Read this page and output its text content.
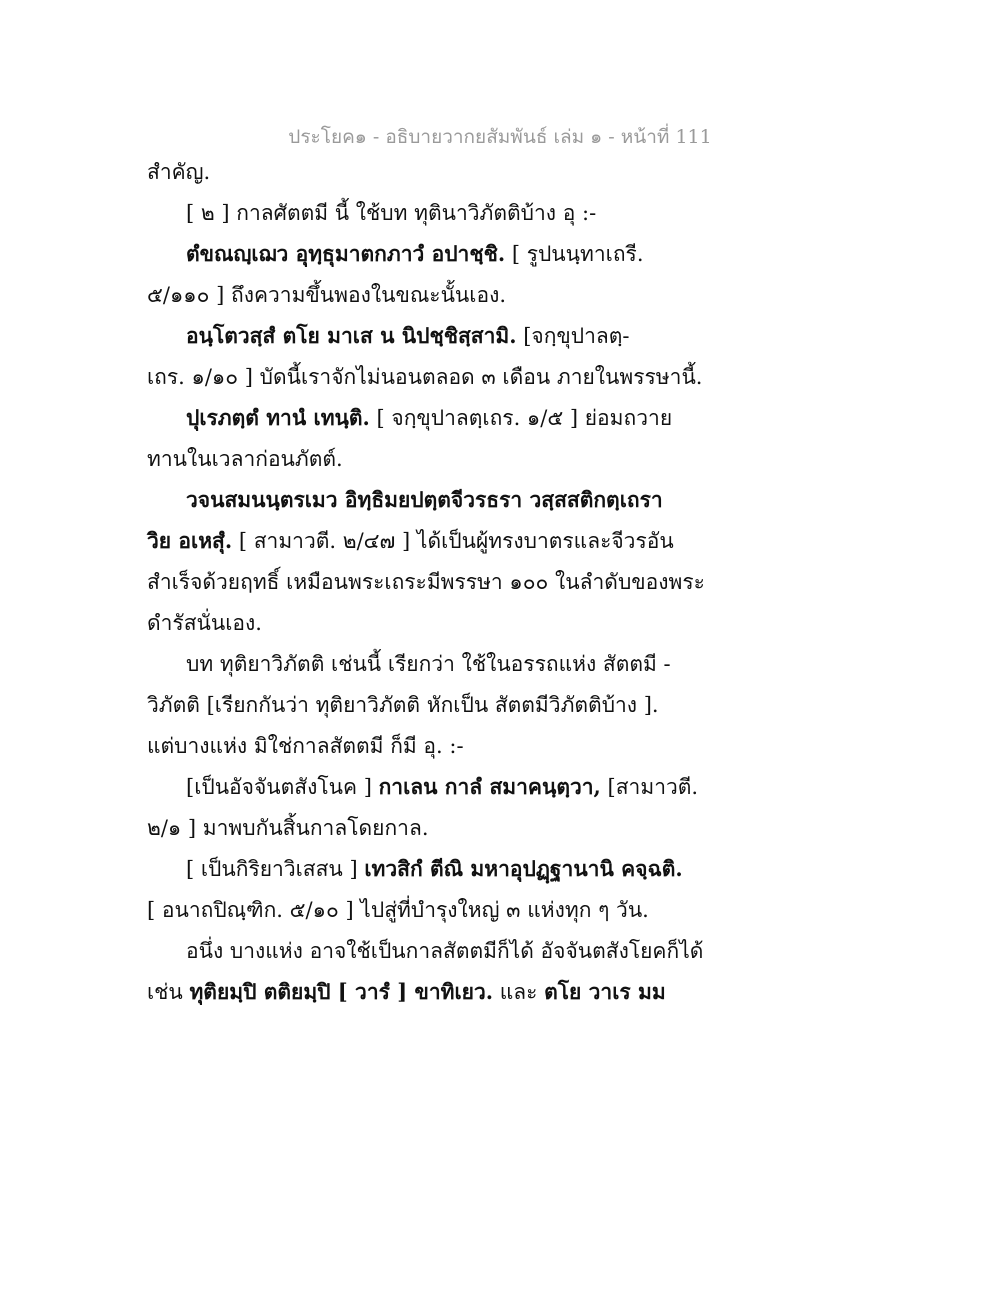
ประโยค๑ - อธิบายวากยสัมพันธ์ เล่ม ๑ - หน้าที่ 111
สำคัญ.
[ ๒ ] กาลศัตตมี นี้ ใช้บท ทุตินาวิภัตติบ้าง อุ :-
ตํขณญฺเฌว อุทฺธุมาตกภาวํ อปาชฺชิ. [ รูปนนฺทาเถรี.
๕/๑๑๐ ] ถึงความขึ้นพองในขณะนั้นเอง.
อนฺโตวสฺสํ ตโย มาเส น นิปชฺชิสฺสามิ. [จกฺขุปาลตฺ-
เถร. ๑/๑๐ ] บัดนี้เราจักไม่นอนตลอด ๓ เดือน ภายในพรรษานี้.
ปุเรภตฺตํ ทานํ เทนฺติ. [ จกฺขุปาลตฺเถร. ๑/๕ ] ย่อมถวาย
ทานในเวลาก่อนภัตต์.
วจนสมนนฺตรเมว อิทฺธิมยปตฺตจีวรธรา วสฺสสติกตฺเถรา
วิย อเหสุํ. [ สามาวตี. ๒/๔๗ ] ได้เป็นผู้ทรงบาตรและจีวรอัน
สำเร็จด้วยฤทธิ์ เหมือนพระเถระมีพรรษา ๑๐๐ ในลำดับของพระ
ดำรัสนั่นเอง.
บท ทุติยาวิภัตติ เช่นนี้ เรียกว่า ใช้ในอรรถแห่ง สัตตมี -
วิภัตติ [เรียกกันว่า ทุติยาวิภัตติ หักเป็น สัตตมีวิภัตติบ้าง ].
แต่บางแห่ง มิใช่กาลสัตตมี ก็มี อุ. :-
[เป็นอัจจันตสังโนค ] กาเลน กาลํ สมาคนฺตฺวา, [สามาวตี.
๒/๑ ] มาพบกันสิ้นกาลโดยกาล.
[ เป็นกิริยาวิเสสน ] เทวสิกํ ตีณิ มหาอุปฏฺฐานานิ คจฺฉติ.
[ อนาถปิณฺฑิก. ๕/๑๐ ] ไปสู่ที่บำรุงใหญ่ ๓ แห่งทุก ๆ วัน.
อนึ่ง บางแห่ง อาจใช้เป็นกาลสัตตมีก็ได้ อัจจันตสังโยคก็ได้
เช่น ทุติยมฺปิ ตติยมฺปิ [ วารํ ] ขาทิเยว. และ ตโย วาเร มม
